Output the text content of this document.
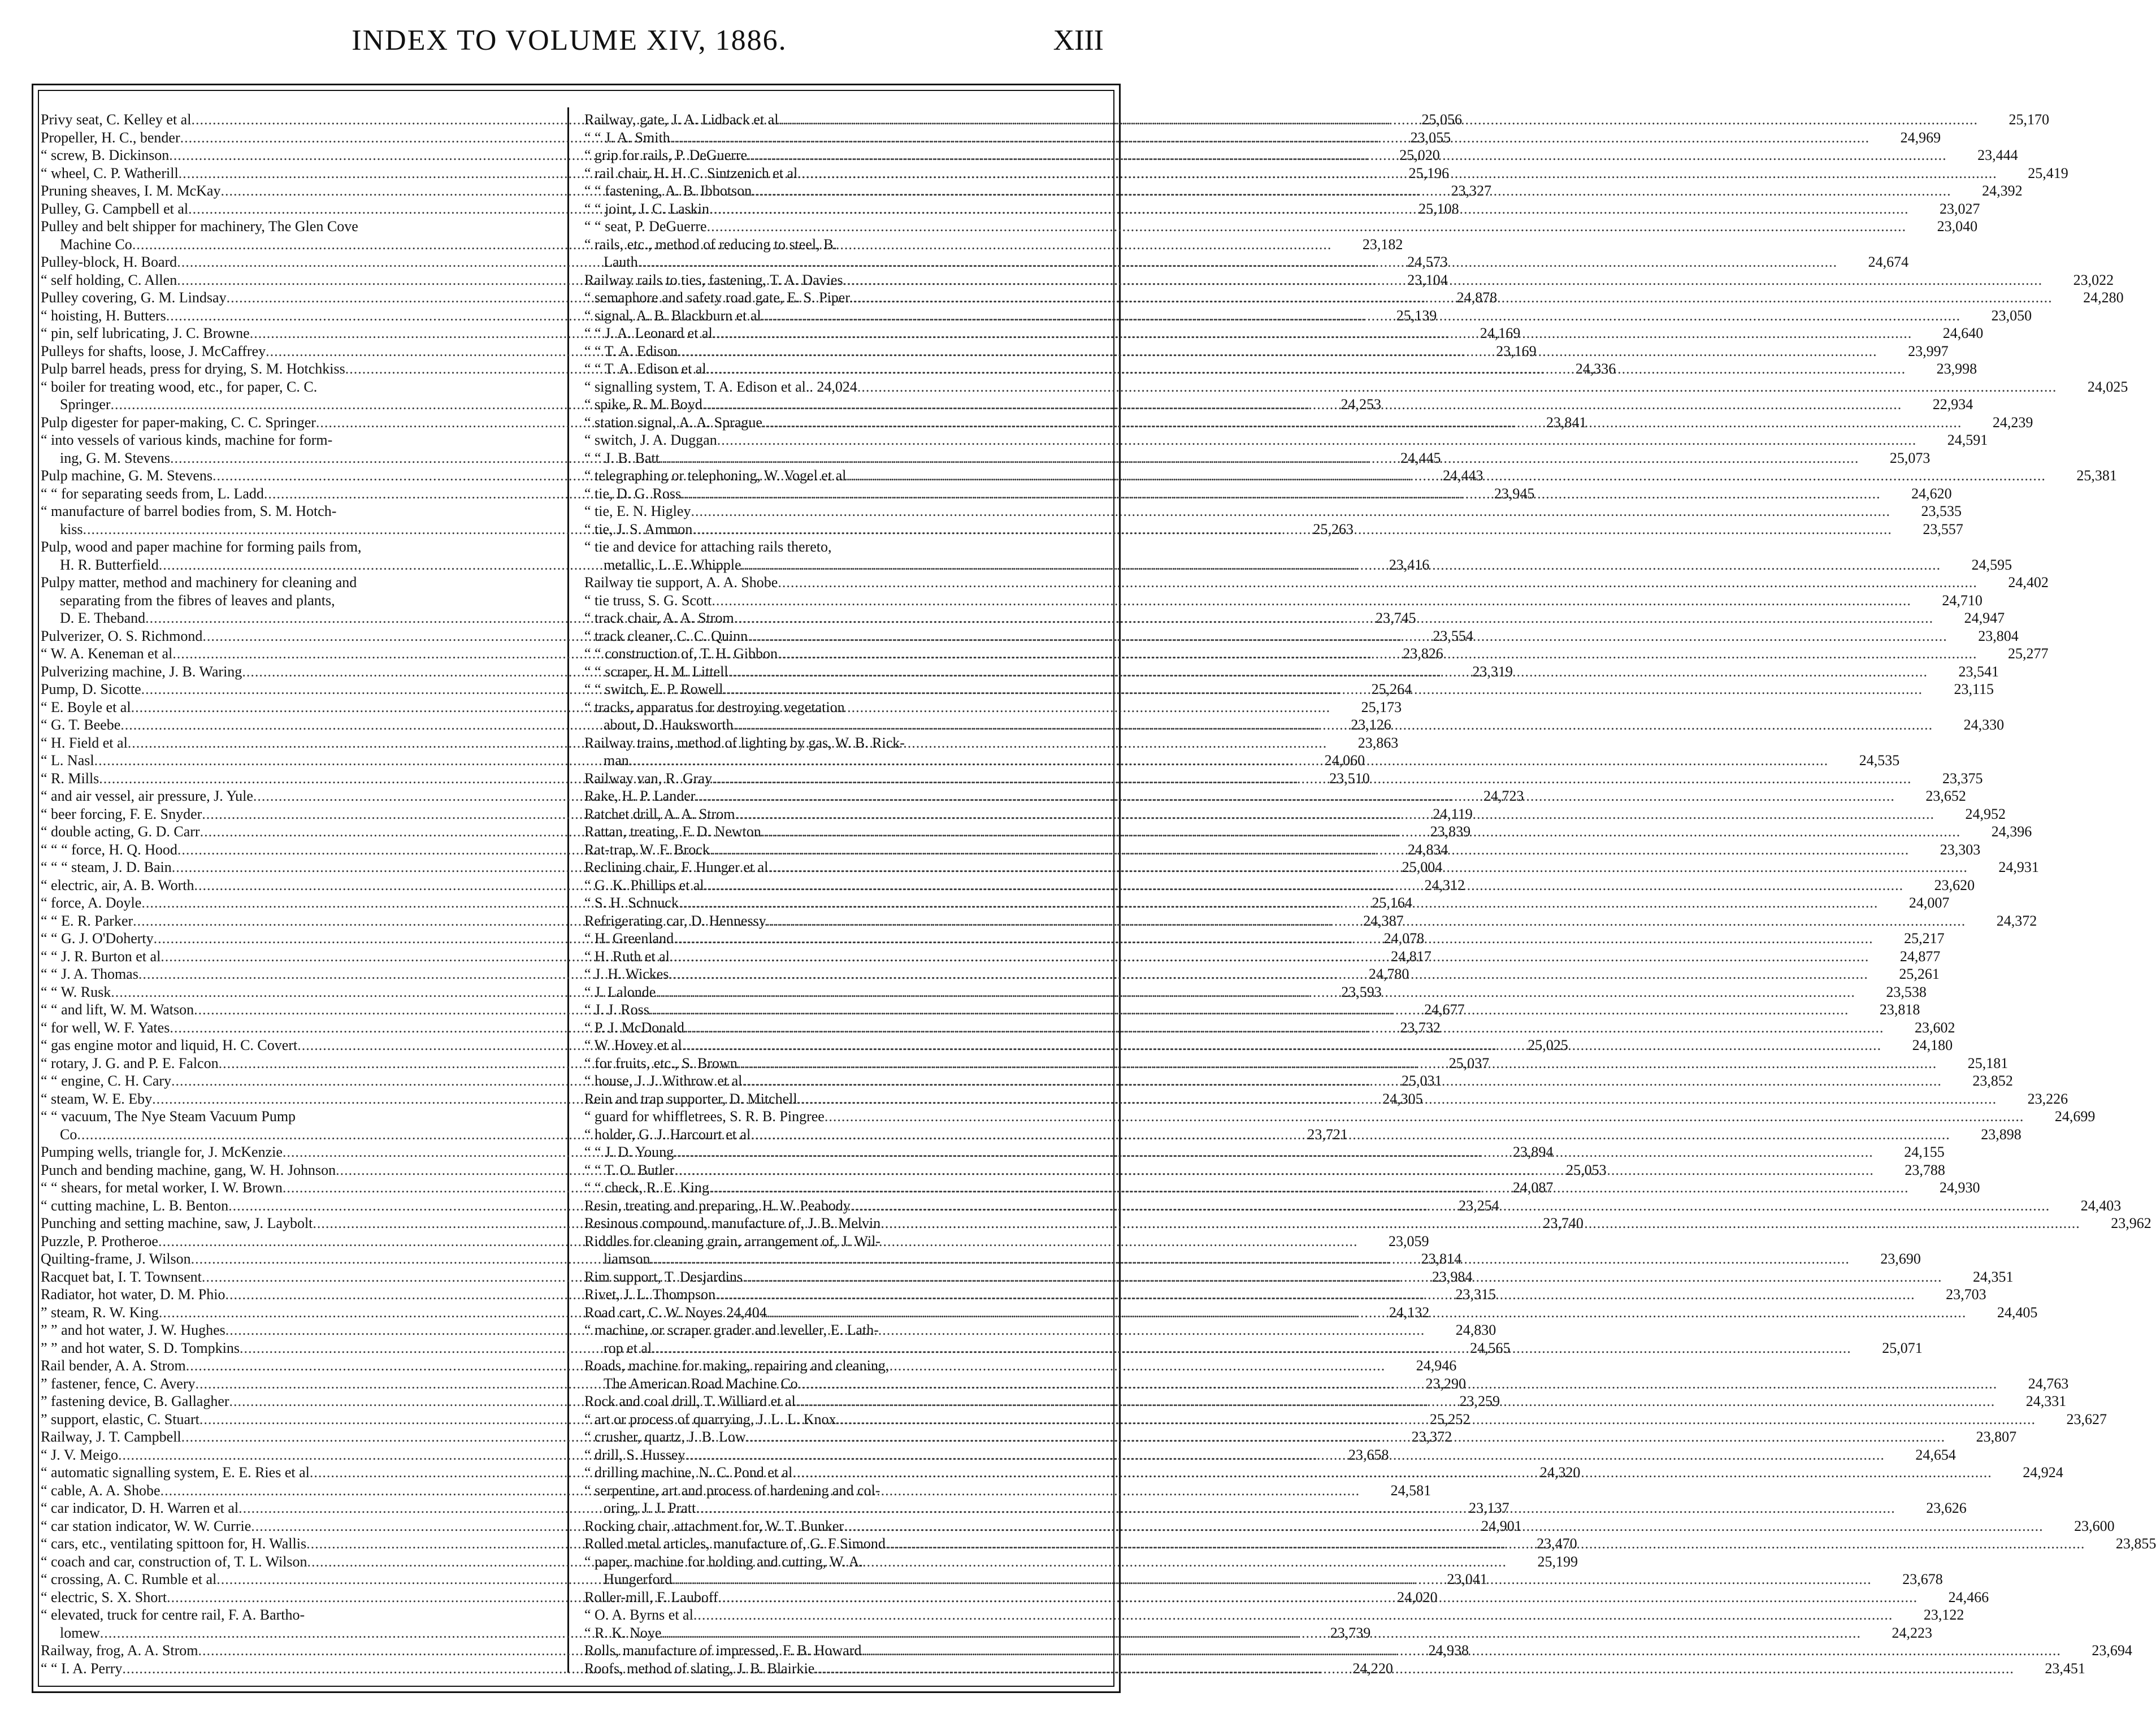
INDEX TO VOLUME XIV, 1886.	XIII
Privy seat, C. Kelley et al .....	25,056
Propeller, H. C., bender .....	23,055
“ screw, B. Dickinson .....	25,020
“ wheel, C. P. Watherill .....	25,196
Pruning sheaves, I. M. McKay .....	23,327
Pulley, G. Campbell et al .....	25,108
Pulley and belt shipper for machinery, The Glen Cove
Machine Co .....	23,182
Pulley-block, H. Board .....	24,573
“ self holding, C. Allen .....	23,104
Pulley covering, G. M. Lindsay .....	24,878
“ hoisting, H. Butters .....	25,139
“ pin, self lubricating, J. C. Browne .....	24,169
Pulleys for shafts, loose, J. McCaffrey .....	23,169
Pulp barrel heads, press for drying, S. M. Hotchkiss .....	24,336
“ boiler for treating wood, etc., for paper, C. C.
Springer .....	24,253
Pulp digester for paper-making, C. C. Springer .....	23,841
“ into vessels of various kinds, machine for form-
ing, G. M. Stevens .....	24,445
Pulp machine, G. M. Stevens .....	24,443
“ “ for separating seeds from, L. Ladd .....	23,945
“ manufacture of barrel bodies from, S. M. Hotch-
kiss .....	25,263
Pulp, wood and paper machine for forming pails from,
H. R. Butterfield .....	23,416
Pulpy matter, method and machinery for cleaning and
separating from the fibres of leaves and plants,
D. E. Theband .....	23,745
Pulverizer, O. S. Richmond .....	23,554
“ W. A. Keneman et al .....	23,826
Pulverizing machine, J. B. Waring .....	23,319
Pump, D. Sicotte .....	25,264
“ E. Boyle et al .....	25,173
“ G. T. Beebe .....	23,126
“ H. Field et al .....	23,863
“ L. Nasl .....	24,060
“ R. Mills .....	23,510
“ and air vessel, air pressure, J. Yule .....	24,723
“ beer forcing, F. E. Snyder .....	24,119
“ double acting, G. D. Carr .....	23,839
“ “ “ force, H. Q. Hood .....	24,834
“ “ “ steam, J. D. Bain .....	25,004
“ electric, air, A. B. Worth .....	24,312
“ force, A. Doyle .....	25,164
“ “ E. R. Parker .....	24,387
“ “ G. J. O'Doherty .....	24,078
“ “ J. R. Burton et al .....	24,817
“ “ J. A. Thomas .....	24,780
“ “ W. Rusk .....	23,593
“ “ and lift, W. M. Watson .....	24,677
“ for well, W. F. Yates .....	23,732
“ gas engine motor and liquid, H. C. Covert .....	25,025
“ rotary, J. G. and P. E. Falcon .....	25,037
“ “ engine, C. H. Cary .....	25,031
“ steam, W. E. Eby .....	24,305
“ “ vacuum, The Nye Steam Vacuum Pump
Co .....	23,721
Pumping wells, triangle for, J. McKenzie .....	23,894
Punch and bending machine, gang, W. H. Johnson .....	25,053
“ “ shears, for metal worker, I. W. Brown .....	24,087
“ cutting machine, L. B. Benton .....	23,254
Punching and setting machine, saw, J. Laybolt .....	23,740
Puzzle, P. Protheroe .....	23,059
Quilting-frame, J. Wilson .....	23,814
Racquet bat, I. T. Townsent .....	23,984
Radiator, hot water, D. M. Phio .....	23,315
” steam, R. W. King .....	24,132
” ” and hot water, J. W. Hughes .....	24,830
” ” and hot water, S. D. Tompkins .....	24,565
Rail bender, A. A. Strom .....	24,946
” fastener, fence, C. Avery .....	23,290
” fastening device, B. Gallagher .....	23,259
” support, elastic, C. Stuart .....	25,252
Railway, J. T. Campbell .....	23,372
“ J. V. Meigo .....	23,658
“ automatic signalling system, E. E. Ries et al .....	24,320
“ cable, A. A. Shobe .....	24,581
“ car indicator, D. H. Warren et al .....	23,137
“ car station indicator, W. W. Currie .....	24,901
“ cars, etc., ventilating spittoon for, H. Wallis .....	23,470
“ coach and car, construction of, T. L. Wilson .....	25,199
“ crossing, A. C. Rumble et al .....	23,041
“ electric, S. X. Short .....	24,020
“ elevated, truck for centre rail, F. A. Bartho-
lomew .....	23,739
Railway, frog, A. A. Strom .....	24,938
“ “ I. A. Perry .....	24,220
Railway, gate, J. A. Lidback et al .....	25,170
“ “ J. A. Smith .....	24,969
“ grip for rails, P. DeGuerre .....	23,444
“ rail chair, H. H. C. Sintzenich et al .....	25,419
“ “ fastening, A. B. Ibbotson .....	24,392
“ “ joint, J. C. Laskin .....	23,027
“ “ seat, P. DeGuerre .....	23,040
“ rails, etc., method of reducing to steel, B.
Lauth .....	24,674
Railway rails to ties, fastening, T. A. Davies .....	23,022
“ semaphore and safety road gate, E. S. Piper. .....	24,280
“ signal, A. B. Blackburn et al .....	23,050
“ “ J. A. Leonard et al .....	24,640
“ “ T. A. Edison .....	23,997
“ “ T. A. Edison et al .....	23,998
“ signalling system, T. A. Edison et al.. 24,024 .....	24,025
“ spike, R. M. Boyd .....	22,934
“ station signal, A. A. Sprague .....	24,239
“ switch, J. A. Duggan .....	24,591
“ “ J. B. Batt .....	25,073
“ telegraphing or telephoning, W. Vogel et al .....	25,381
“ tie, D. G. Ross .....	24,620
“ tie, E. N. Higley .....	23,535
“ tie, J. S. Ammon .....	23,557
“ tie and device for attaching rails thereto,
metallic, L. E. Whipple .....	24,595
Railway tie support, A. A. Shobe .....	24,402
“ tie truss, S. G. Scott .....	24,710
“ track chair, A. A. Strom .....	24,947
“ track cleaner, C. C. Quinn .....	23,804
“ “ construction of, T. H. Gibbon .....	25,277
“ “ scraper, H. M. Littell .....	23,541
“ “ switch, E. P. Rowell .....	23,115
“ tracks, apparatus for destroying vegetation
about, D. Hauksworth .....	24,330
Railway trains, method of lighting by gas, W. B. Rick-
man .....	24,535
Railway van, R. Gray .....	23,375
Rake, H. P. Lander .....	23,652
Ratchet drill, A. A. Strom .....	24,952
Rattan, treating, F. D. Newton .....	24,396
Rat-trap, W. F. Brock .....	23,303
Reclining chair, F. Hunger et al .....	24,931
“ G. K. Phillips et al .....	23,620
“ S. H. Schnuck .....	24,007
Refrigerating car, D. Hennessy .....	24,372
“ H. Greenland .....	25,217
“ H. Ruth et al .....	24,877
“ J. H. Wickes .....	25,261
“ J. Lalonde .....	23,538
“ J. J. Ross .....	23,818
“ P. J. McDonald .....	23,602
“ W. Hovey et al .....	24,180
“ for fruits, etc., S. Brown .....	25,181
“ house, J. J. Withrow et al .....	23,852
Rein and trap supporter, D. Mitchell .....	23,226
“ guard for whiffletrees, S. R. B. Pingree .....	24,699
“ holder, G. J. Harcourt et al .....	23,898
“ “ J. D. Young .....	24,155
“ “ T. O. Butler .....	23,788
“ “ check, R. E. King .....	24,930
Resin, treating and preparing, H. W. Peabody .....	24,403
Resinous compound, manufacture of, J. B. Melvin .....	23,962
Riddles for cleaning grain, arrangement of, J. Wil-
liamson .....	23,690
Rim support, T. Desjardins .....	24,351
Rivet, J. L. Thompson .....	23,703
Road cart, C. W. Noyes 24,404 .....	24,405
“ machine, or scraper grader and leveller, E. Lath-
rop et al .....	25,071
Roads, machine for making, repairing and cleaning,
The American Road Machine Co .....	24,763
Rock and coal drill, T. Williard et al .....	24,331
“ art or process of quarrying, J. L. L. Knox .....	23,627
“ crusher, quartz, J. B. Low .....	23,807
“ drill, S. Hussey .....	24,654
“ drilling machine, N. C. Pond et al .....	24,924
“ serpentine, art and process of hardening and col-
oring, J. J. Pratt .....	23,626
Rocking chair, attachment for, W. T. Bunker .....	23,600
Rolled metal articles, manufacture of, G. F Simond .....	23,855
“ paper, machine for holding and cutting, W. A.
Hungerford .....	23,678
Roller-mill, F. Lauboff .....	24,466
“ O. A. Byrns et al .....	23,122
“ R. K. Noye .....	24,223
Rolls, manufacture of impressed, F. B. Howard .....	23,694
Roofs, method of slating, J. B. Blairkie .....	23,451
